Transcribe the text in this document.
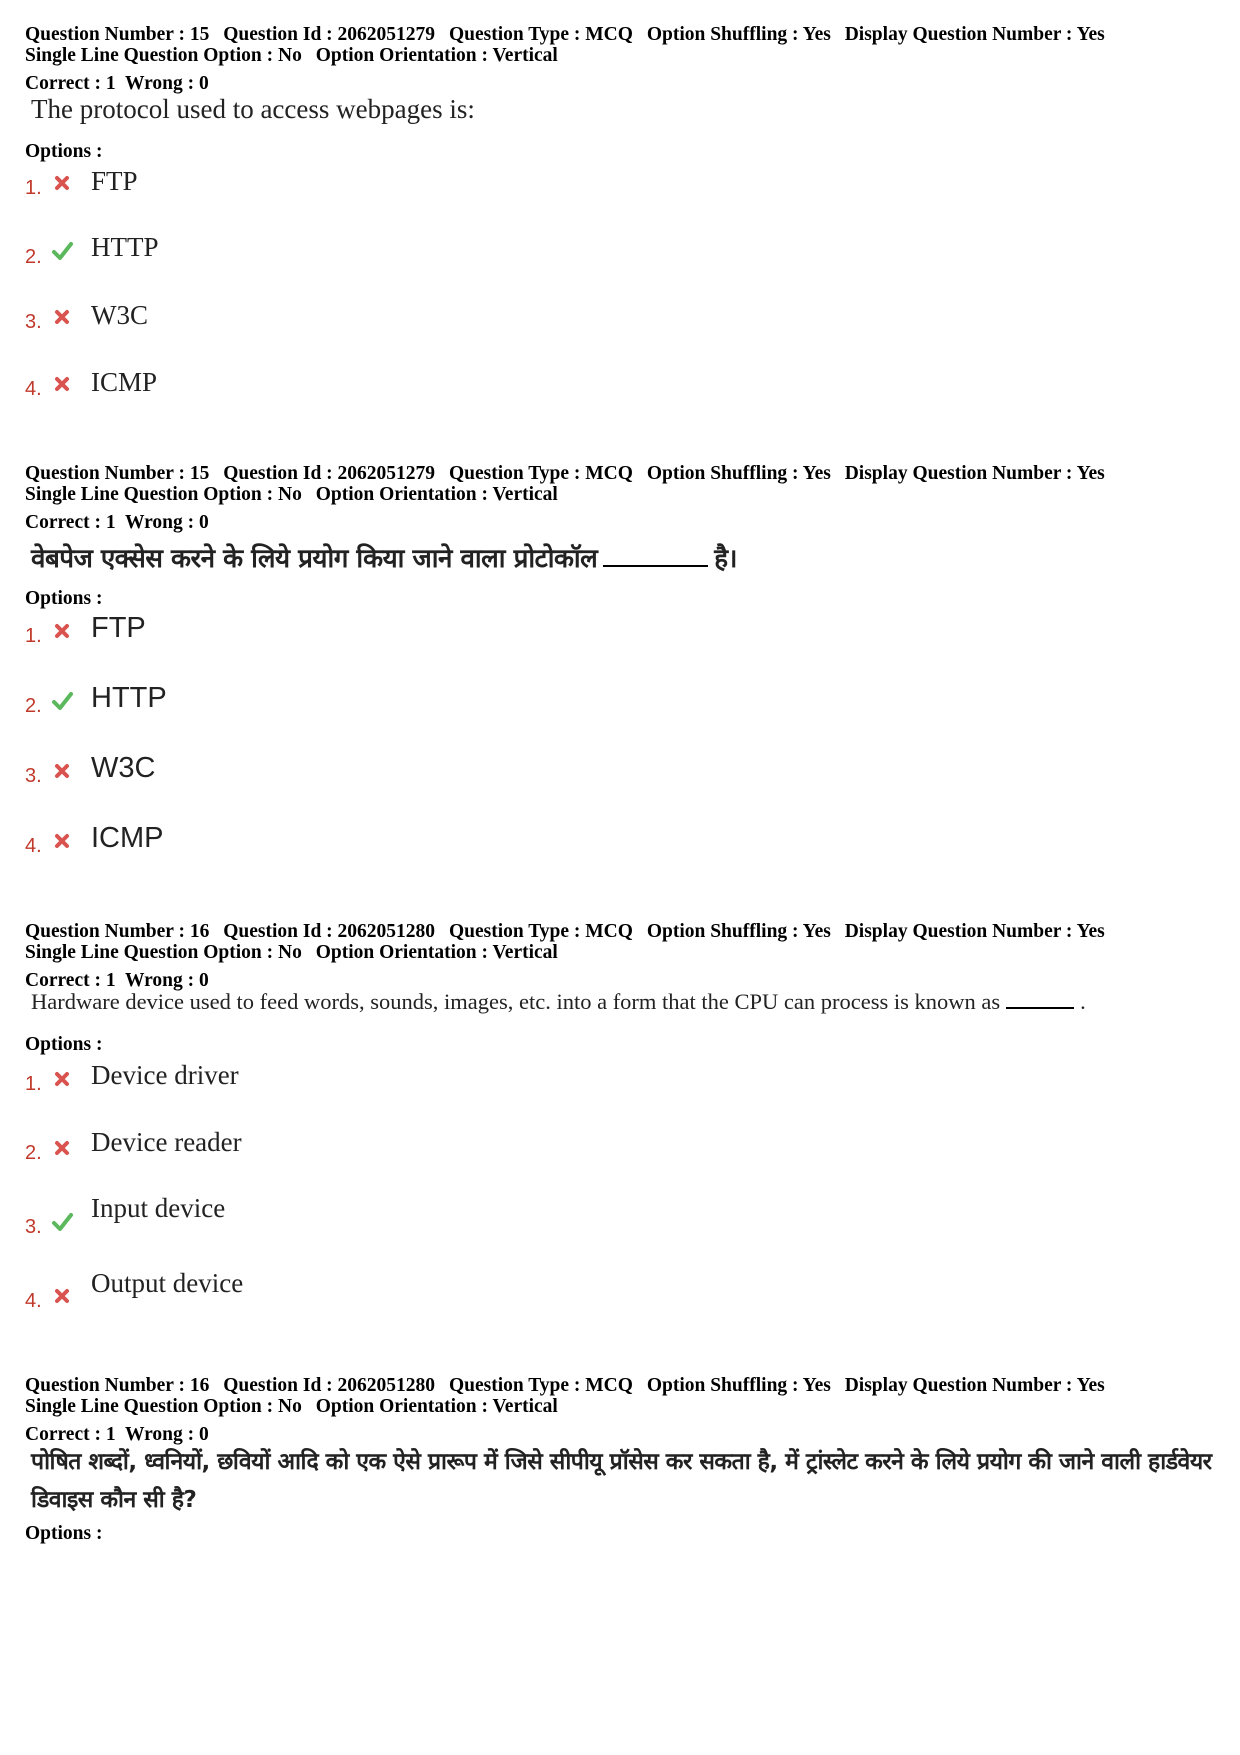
Question Number : 15 Question Id : 2062051279 Question Type : MCQ Option Shuffling : Yes Display Question Number : Yes
Single Line Question Option : No Option Orientation : Vertical
Correct : 1  Wrong : 0
The protocol used to access webpages is:
Options :
1. FTP
2. HTTP
3. W3C
4. ICMP
Question Number : 15 Question Id : 2062051279 Question Type : MCQ Option Shuffling : Yes Display Question Number : Yes
Single Line Question Option : No Option Orientation : Vertical
Correct : 1  Wrong : 0
वेबपेज एक्सेस करने के लिये प्रयोग किया जाने वाला प्रोटोकॉल	है।
Options :
1. FTP
2. HTTP
3. W3C
4. ICMP
Question Number : 16 Question Id : 2062051280 Question Type : MCQ Option Shuffling : Yes Display Question Number : Yes
Single Line Question Option : No Option Orientation : Vertical
Correct : 1  Wrong : 0
Hardware device used to feed words, sounds, images, etc. into a form that the CPU can process is known as	.
Options :
1. Device driver
2. Device reader
3.
Input device
4.
Output device
Question Number : 16 Question Id : 2062051280 Question Type : MCQ Option Shuffling : Yes Display Question Number : Yes
Single Line Question Option : No Option Orientation : Vertical
Correct : 1  Wrong : 0
पोषित शब्दों, ध्वनियों, छवियों आदि को एक ऐसे प्रारूप में जिसे सीपीयू प्रॉसेस कर सकता है, में ट्रांस्लेट करने के लिये प्रयोग की जाने वाली हार्डवेयर डिवाइस कौन सी है?
Options :
